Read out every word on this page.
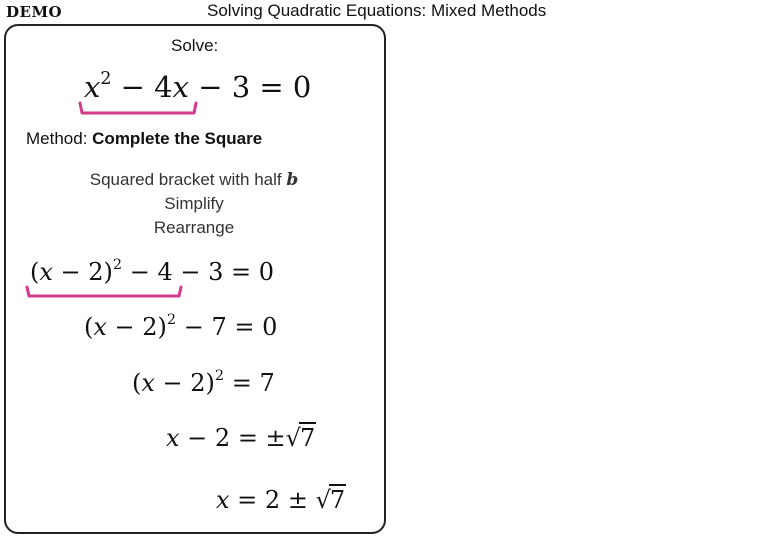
DEMO	Solving Quadratic Equations: Mixed Methods
Solve:
$x^2 - 4x - 3 = 0$
Method: Complete the Square
Squared bracket with half b
Simplify
Rearrange
$(x - 2)^2 - 4 - 3 = 0$
$(x - 2)^2 - 7 = 0$
$(x - 2)^2 = 7$
x − 2 = ±√7
x = 2 ± √7
